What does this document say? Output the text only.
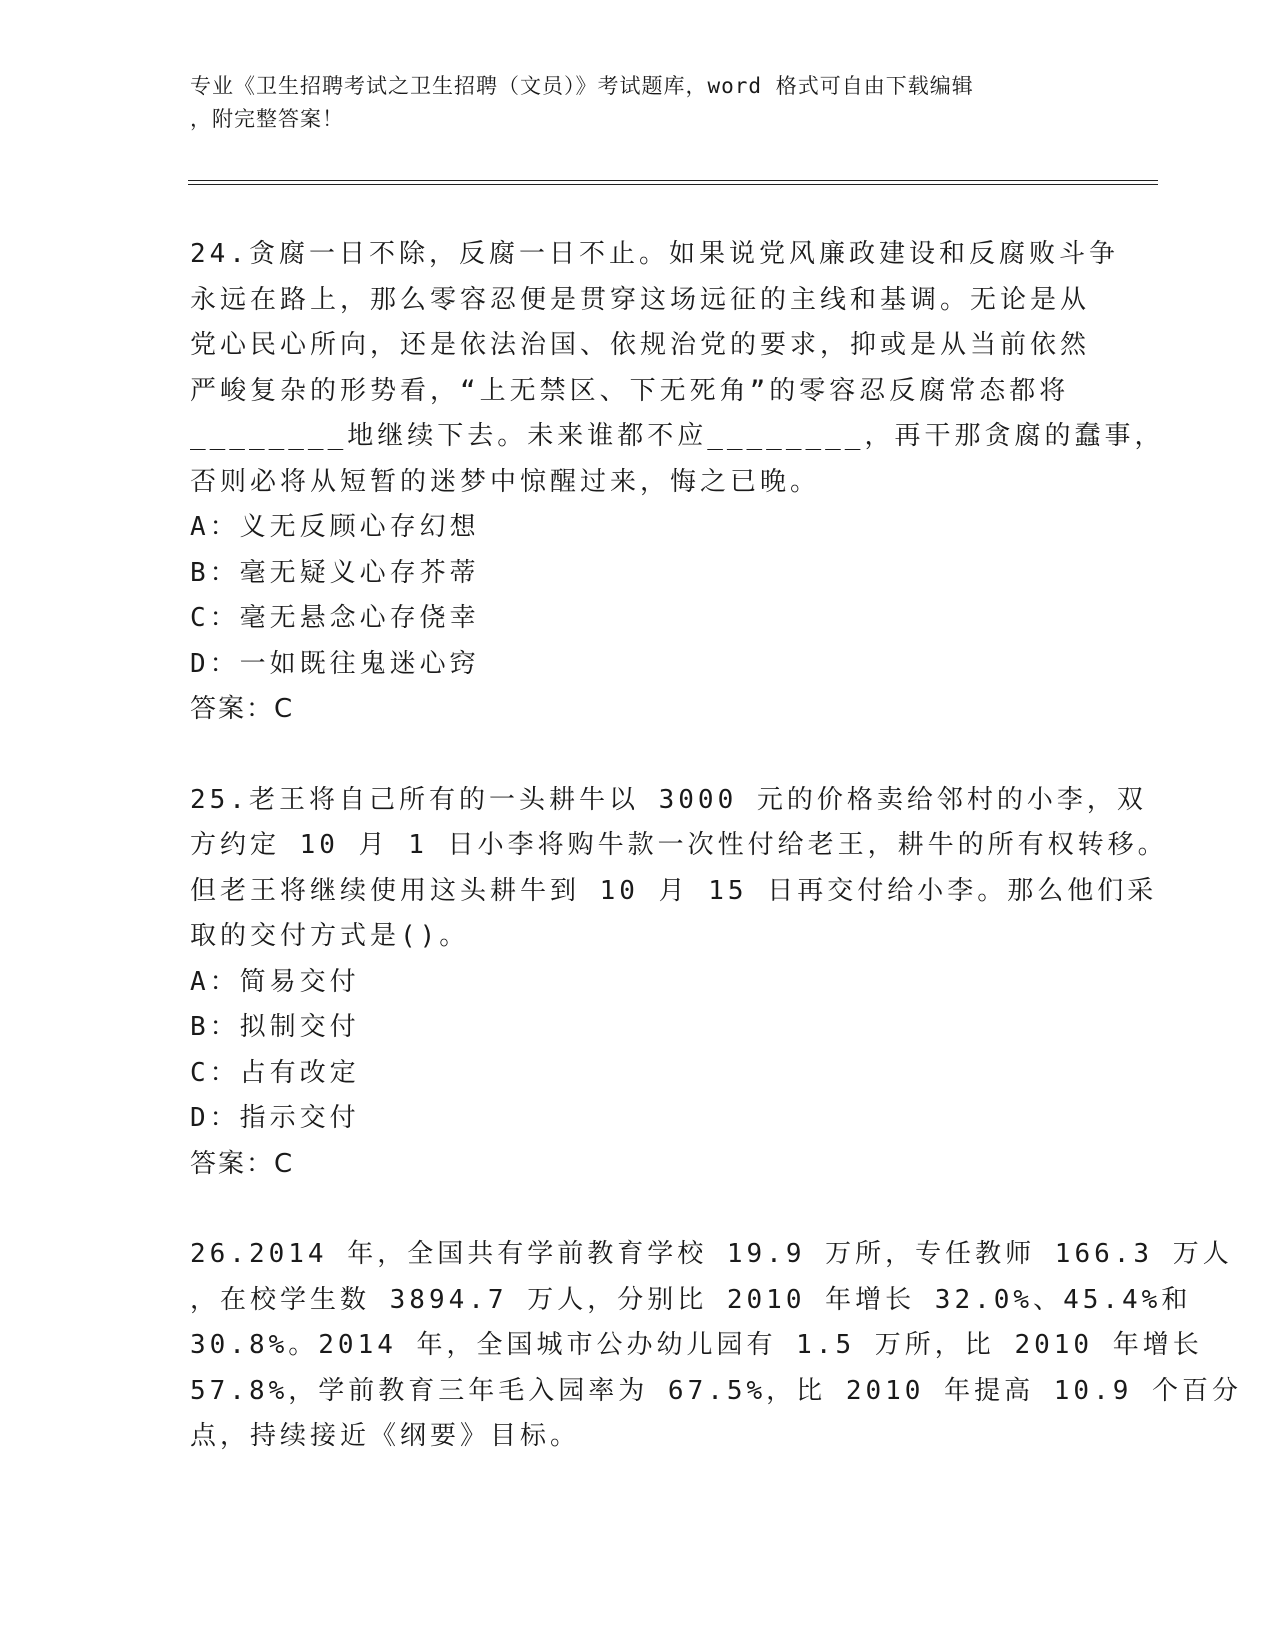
专业《卫生招聘考试之卫生招聘（文员）》考试题库，word 格式可自由下载编辑
，附完整答案！
24.贪腐一日不除，反腐一日不止。如果说党风廉政建设和反腐败斗争
永远在路上，那么零容忍便是贯穿这场远征的主线和基调。无论是从
党心民心所向，还是依法治国、依规治党的要求，抑或是从当前依然
严峻复杂的形势看，“上无禁区、下无死角”的零容忍反腐常态都将
________地继续下去。未来谁都不应________，再干那贪腐的蠢事，
否则必将从短暂的迷梦中惊醒过来，悔之已晚。
A：义无反顾心存幻想
B：毫无疑义心存芥蒂
C：毫无悬念心存侥幸
D：一如既往鬼迷心窍
答案：C
25.老王将自己所有的一头耕牛以 3000 元的价格卖给邻村的小李，双
方约定 10 月 1 日小李将购牛款一次性付给老王，耕牛的所有权转移。
但老王将继续使用这头耕牛到 10 月 15 日再交付给小李。那么他们采
取的交付方式是()。
A：简易交付
B：拟制交付
C：占有改定
D：指示交付
答案：C
26.2014 年，全国共有学前教育学校 19.9 万所，专任教师 166.3 万人
，在校学生数 3894.7 万人，分别比 2010 年增长 32.0%、45.4%和
30.8%。2014 年，全国城市公办幼儿园有 1.5 万所，比 2010 年增长
57.8%，学前教育三年毛入园率为 67.5%，比 2010 年提高 10.9 个百分
点，持续接近《纲要》目标。
